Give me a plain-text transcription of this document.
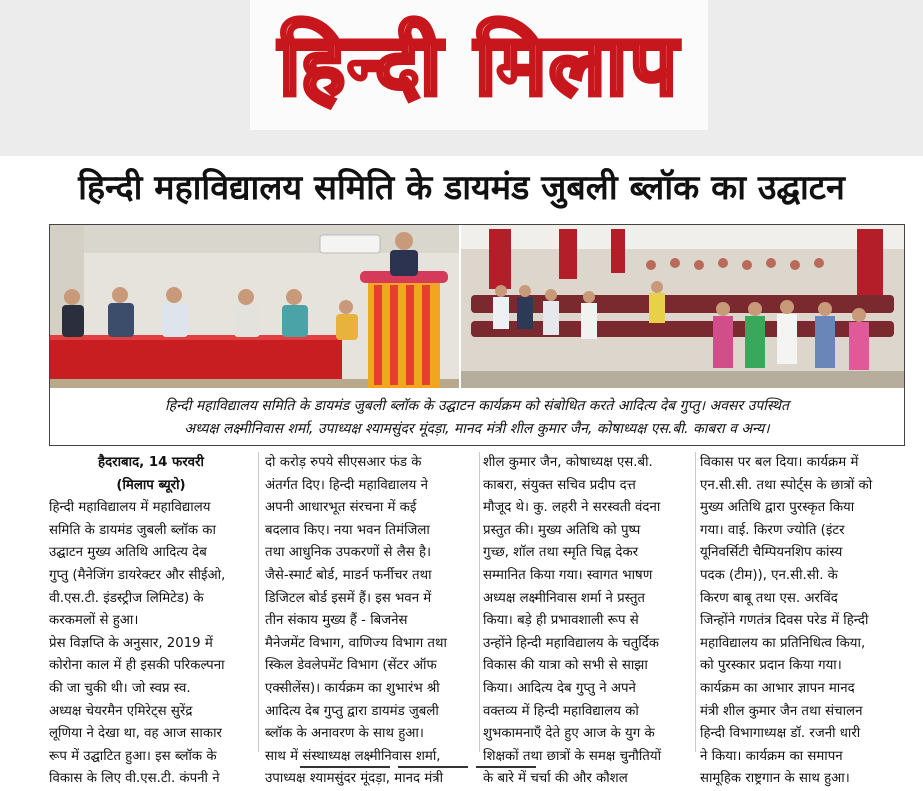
हिन्दी मिलाप
हिन्दी महाविद्यालय समिति के डायमंड जुबली ब्लॉक का उद्घाटन
हिन्दी महाविद्यालय समिति के डायमंड जुबली ब्लॉक के उद्घाटन कार्यक्रम को संबोधित करते आदित्य देब गुप्तु। अवसर उपस्थित
अध्यक्ष लक्ष्मीनिवास शर्मा, उपाध्यक्ष श्यामसुंदर मूंदड़ा, मानद मंत्री शील कुमार जैन, कोषाध्यक्ष एस.बी. काबरा व अन्य।
हैदराबाद, 14 फरवरी
(मिलाप ब्यूरो)
हिन्दी महाविद्यालय में महाविद्यालय
समिति के डायमंड जुबली ब्लॉक का
उद्घाटन मुख्य अतिथि आदित्य देब
गुप्तु (मैनेजिंग डायरेक्टर और सीईओ,
वी.एस.टी. इंडस्ट्रीज लिमिटेड) के
करकमलों से हुआ।
प्रेस विज्ञप्ति के अनुसार, 2019 में
कोरोना काल में ही इसकी परिकल्पना
की जा चुकी थी। जो स्वप्न स्व.
अध्यक्ष चेयरमैन एमिरेट्स सुरेंद्र
लूणिया ने देखा था, वह आज साकार
रूप में उद्घाटित हुआ। इस ब्लॉक के
विकास के लिए वी.एस.टी. कंपनी ने
दो करोड़ रुपये सीएसआर फंड के
अंतर्गत दिए। हिन्दी महाविद्यालय ने
अपनी आधारभूत संरचना में कई
बदलाव किए। नया भवन तिमंजिला
तथा आधुनिक उपकरणों से लैस है।
जैसे-स्मार्ट बोर्ड, माडर्न फर्नीचर तथा
डिजिटल बोर्ड इसमें हैं। इस भवन में
तीन संकाय मुख्य हैं - बिजनेस
मैनेजमेंट विभाग, वाणिज्य विभाग तथा
स्किल डेवलेपमेंट विभाग (सेंटर ऑफ
एक्सीलेंस)। कार्यक्रम का शुभारंभ श्री
आदित्य देब गुप्तु द्वारा डायमंड जुबली
ब्लॉक के अनावरण के साथ हुआ।
साथ में संस्थाध्यक्ष लक्ष्मीनिवास शर्मा,
उपाध्यक्ष श्यामसुंदर मूंदड़ा, मानद मंत्री
शील कुमार जैन, कोषाध्यक्ष एस.बी.
काबरा, संयुक्त सचिव प्रदीप दत्त
मौजूद थे। कु. लहरी ने सरस्वती वंदना
प्रस्तुत की। मुख्य अतिथि को पुष्प
गुच्छ, शॉल तथा स्मृति चिह्न देकर
सम्मानित किया गया। स्वागत भाषण
अध्यक्ष लक्ष्मीनिवास शर्मा ने प्रस्तुत
किया। बड़े ही प्रभावशाली रूप से
उन्होंने हिन्दी महाविद्यालय के चतुर्दिक
विकास की यात्रा को सभी से साझा
किया। आदित्य देब गुप्तु ने अपने
वक्तव्य में हिन्दी महाविद्यालय को
शुभकामनाएँ देते हुए आज के युग के
शिक्षकों तथा छात्रों के समक्ष चुनौतियों
के बारे में चर्चा की और कौशल
विकास पर बल दिया। कार्यक्रम में
एन.सी.सी. तथा स्पोर्ट्स के छात्रों को
मुख्य अतिथि द्वारा पुरस्कृत किया
गया। वाई. किरण ज्योति (इंटर
यूनिवर्सिटी चैम्पियनशिप कांस्य
पदक (टीम)), एन.सी.सी. के
किरण बाबू तथा एस. अरविंद
जिन्होंने गणतंत्र दिवस परेड में हिन्दी
महाविद्यालय का प्रतिनिधित्व किया,
को पुरस्कार प्रदान किया गया।
कार्यक्रम का आभार ज्ञापन मानद
मंत्री शील कुमार जैन तथा संचालन
हिन्दी विभागाध्यक्ष डॉ. रजनी धारी
ने किया। कार्यक्रम का समापन
सामूहिक राष्ट्रगान के साथ हुआ।
